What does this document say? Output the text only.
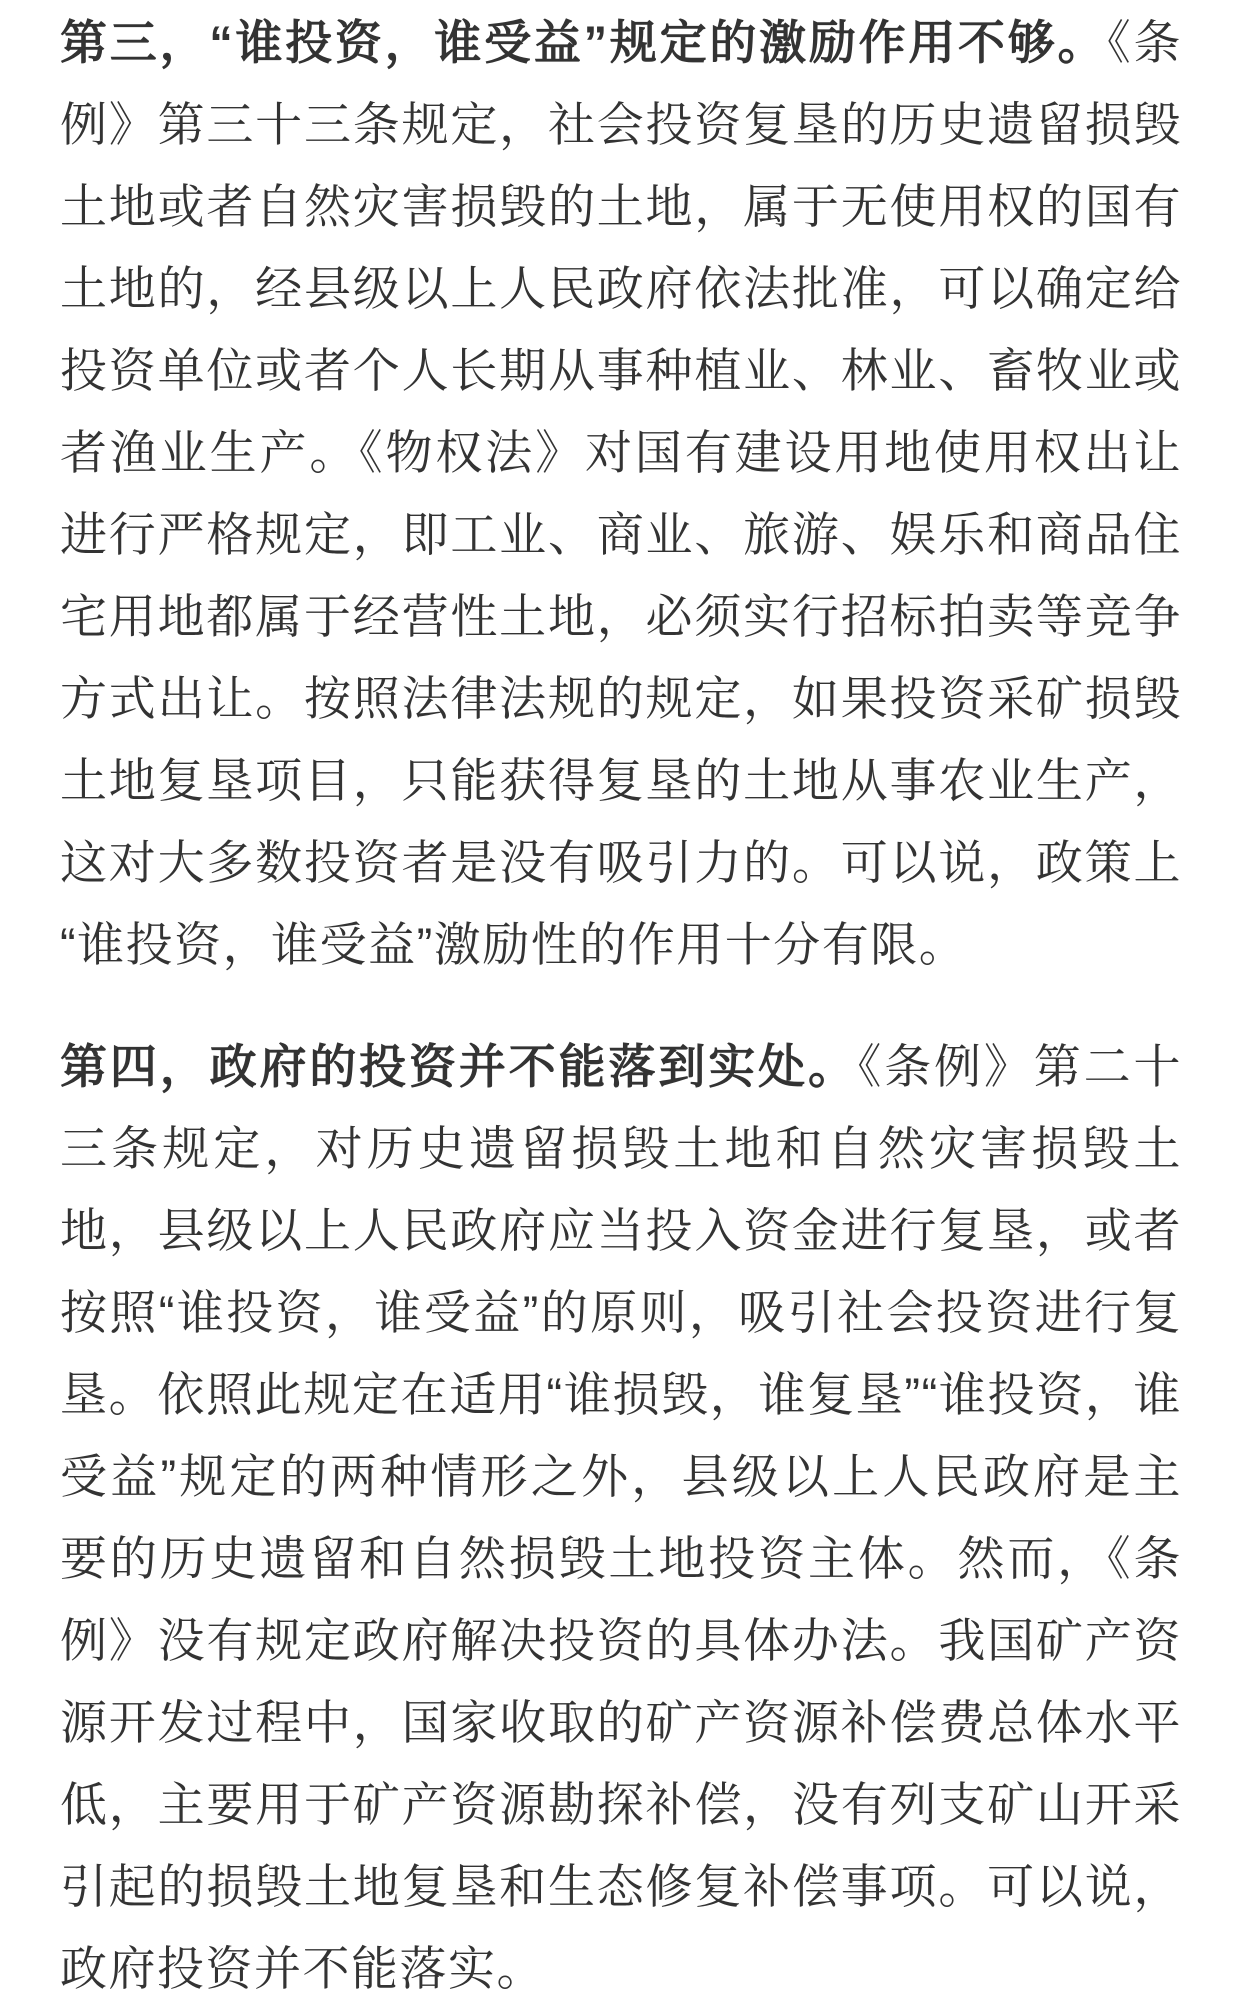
第三，“谁投资，谁受益”规定的激励作用不够。《条例》第三十三条规定，社会投资复垦的历史遗留损毁土地或者自然灾害损毁的土地，属于无使用权的国有土地的，经县级以上人民政府依法批准，可以确定给投资单位或者个人长期从事种植业、林业、畜牧业或者渔业生产。《物权法》对国有建设用地使用权出让进行严格规定，即工业、商业、旅游、娱乐和商品住宅用地都属于经营性土地，必须实行招标拍卖等竞争方式出让。按照法律法规的规定，如果投资采矿损毁土地复垦项目，只能获得复垦的土地从事农业生产，这对大多数投资者是没有吸引力的。可以说，政策上“谁投资，谁受益”激励性的作用十分有限。

第四，政府的投资并不能落到实处。《条例》第二十三条规定，对历史遗留损毁土地和自然灾害损毁土地，县级以上人民政府应当投入资金进行复垦，或者按照“谁投资，谁受益”的原则，吸引社会投资进行复垦。依照此规定在适用“谁损毁，谁复垦”“谁投资，谁受益”规定的两种情形之外，县级以上人民政府是主要的历史遗留和自然损毁土地投资主体。然而，《条例》没有规定政府解决投资的具体办法。我国矿产资源开发过程中，国家收取的矿产资源补偿费总体水平低，主要用于矿产资源勘探补偿，没有列支矿山开采引起的损毁土地复垦和生态修复补偿事项。可以说，政府投资并不能落实。
